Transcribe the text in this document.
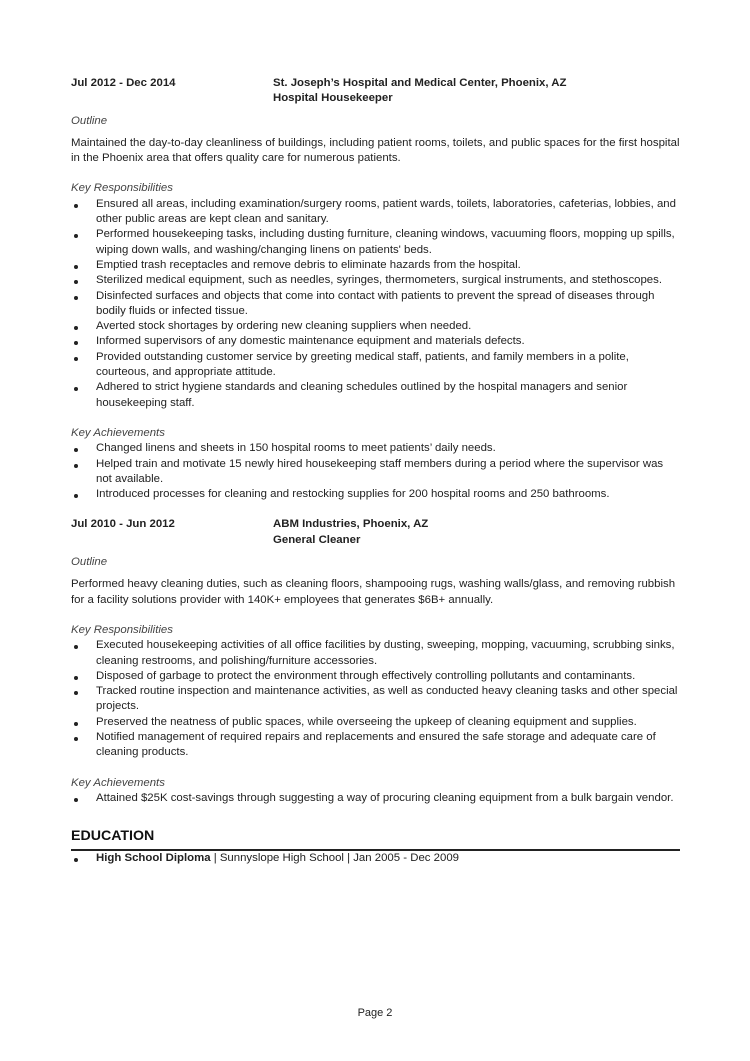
Jul 2012 - Dec 2014	St. Joseph’s Hospital and Medical Center, Phoenix, AZ
Hospital Housekeeper
Outline
Maintained the day-to-day cleanliness of buildings, including patient rooms, toilets, and public spaces for the first hospital in the Phoenix area that offers quality care for numerous patients.
Key Responsibilities
Ensured all areas, including examination/surgery rooms, patient wards, toilets, laboratories, cafeterias, lobbies, and other public areas are kept clean and sanitary.
Performed housekeeping tasks, including dusting furniture, cleaning windows, vacuuming floors, mopping up spills, wiping down walls, and washing/changing linens on patients' beds.
Emptied trash receptacles and remove debris to eliminate hazards from the hospital.
Sterilized medical equipment, such as needles, syringes, thermometers, surgical instruments, and stethoscopes.
Disinfected surfaces and objects that come into contact with patients to prevent the spread of diseases through bodily fluids or infected tissue.
Averted stock shortages by ordering new cleaning suppliers when needed.
Informed supervisors of any domestic maintenance equipment and materials defects.
Provided outstanding customer service by greeting medical staff, patients, and family members in a polite, courteous, and appropriate attitude.
Adhered to strict hygiene standards and cleaning schedules outlined by the hospital managers and senior housekeeping staff.
Key Achievements
Changed linens and sheets in 150 hospital rooms to meet patients’ daily needs.
Helped train and motivate 15 newly hired housekeeping staff members during a period where the supervisor was not available.
Introduced processes for cleaning and restocking supplies for 200 hospital rooms and 250 bathrooms.
Jul 2010 - Jun 2012	ABM Industries, Phoenix, AZ
General Cleaner
Outline
Performed heavy cleaning duties, such as cleaning floors, shampooing rugs, washing walls/glass, and removing rubbish for a facility solutions provider with 140K+ employees that generates $6B+ annually.
Key Responsibilities
Executed housekeeping activities of all office facilities by dusting, sweeping, mopping, vacuuming, scrubbing sinks, cleaning restrooms, and polishing/furniture accessories.
Disposed of garbage to protect the environment through effectively controlling pollutants and contaminants.
Tracked routine inspection and maintenance activities, as well as conducted heavy cleaning tasks and other special projects.
Preserved the neatness of public spaces, while overseeing the upkeep of cleaning equipment and supplies.
Notified management of required repairs and replacements and ensured the safe storage and adequate care of cleaning products.
Key Achievements
Attained $25K cost-savings through suggesting a way of procuring cleaning equipment from a bulk bargain vendor.
EDUCATION
High School Diploma | Sunnyslope High School | Jan 2005 - Dec 2009
Page 2
